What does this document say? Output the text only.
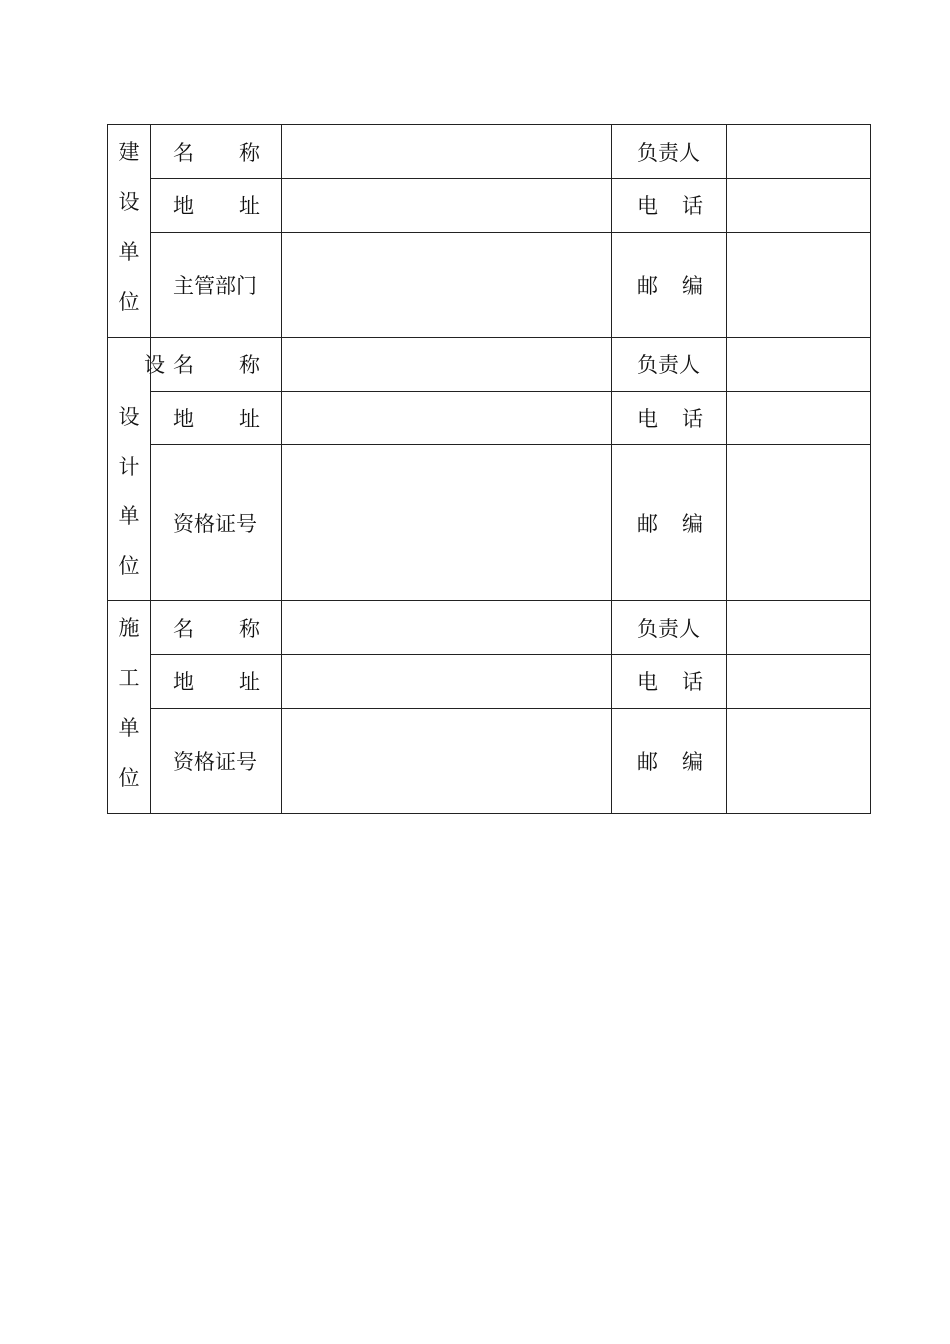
建
设
单
位	名 称		负责人	

	地 址		电 话	

	主管部门		邮 编	

设
设
计
单
位	名 称		负责人	

	地 址		电 话	

	资格证号		邮 编	

施
工
单
位	名 称		负责人	

	地 址		电 话	

	资格证号		邮 编	
